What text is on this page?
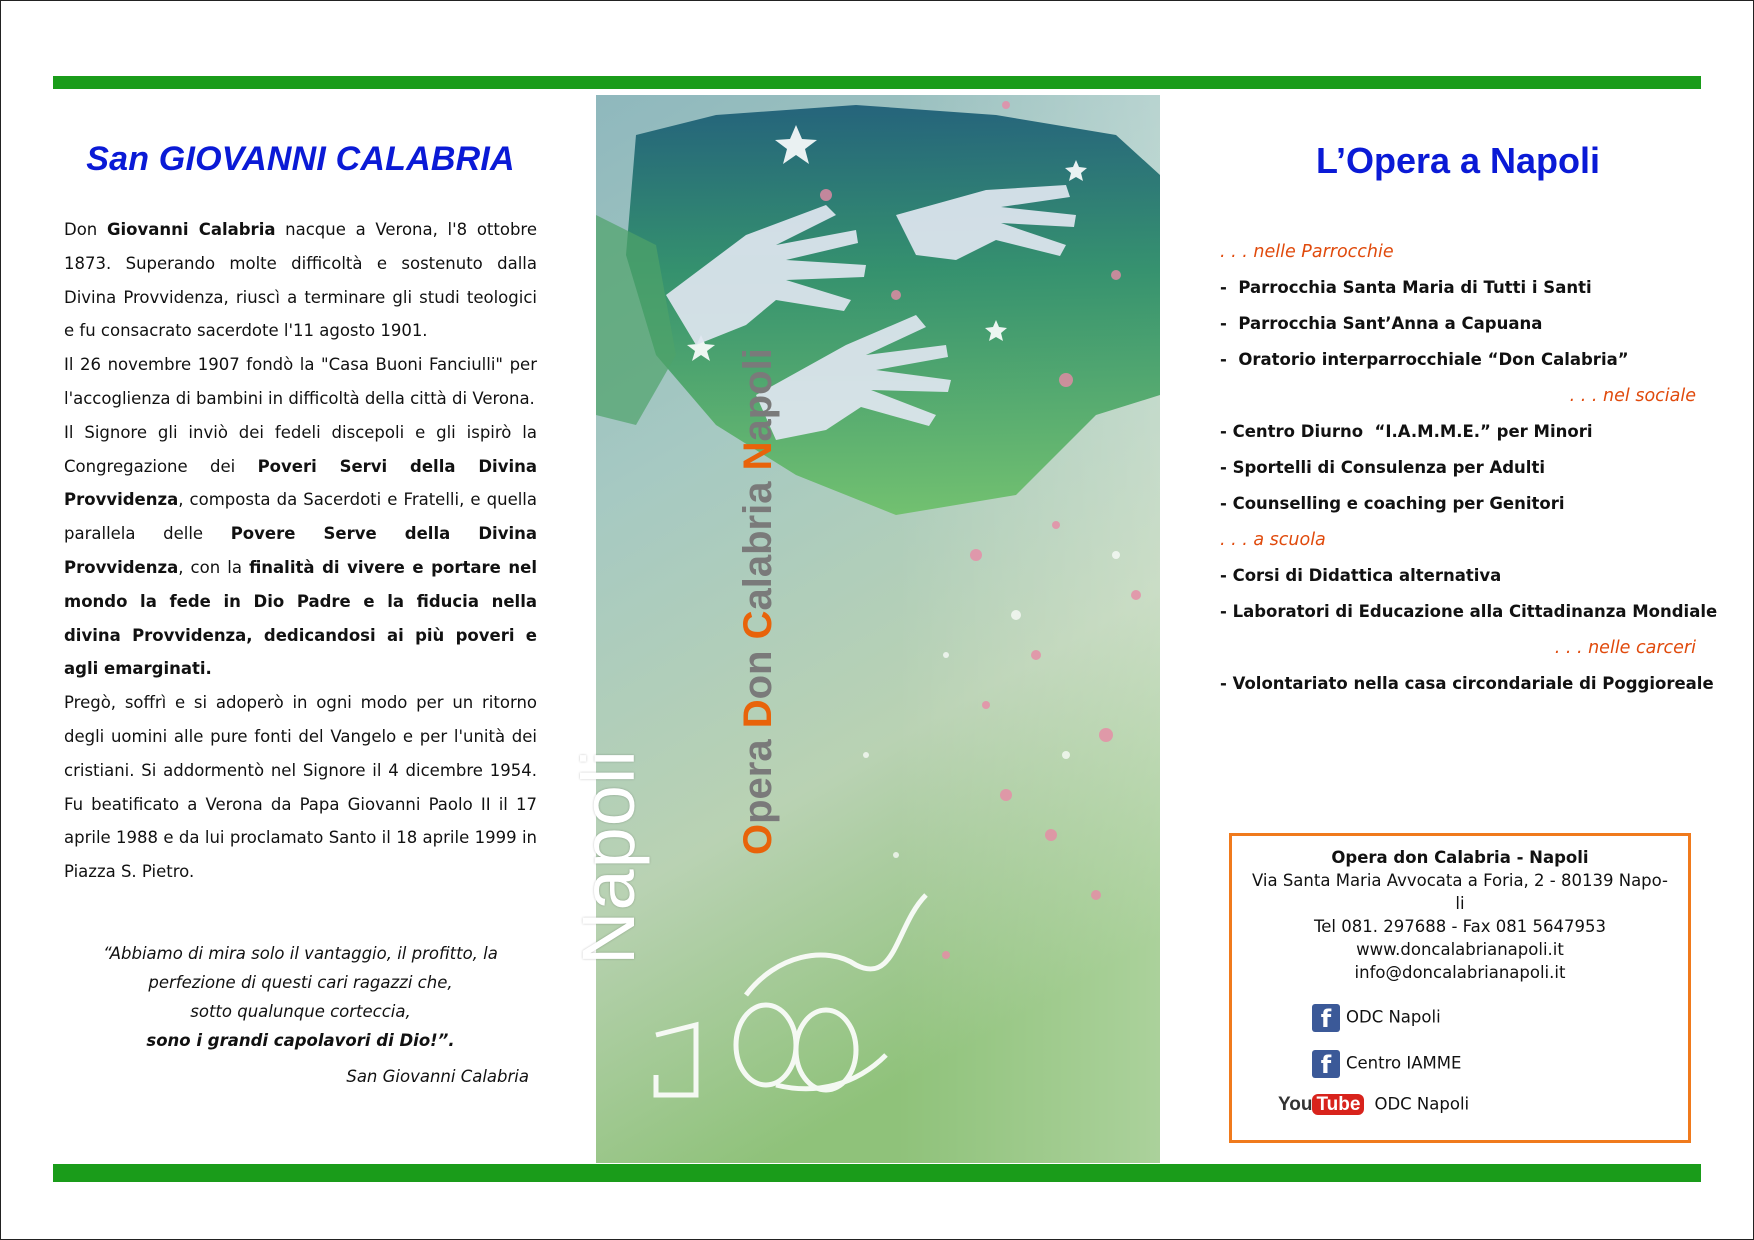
San GIOVANNI CALABRIA

Don Giovanni Calabria nacque a Verona, l'8 ottobre 1873. Superando molte difficoltà e sostenuto dalla Divina Provvidenza, riuscì a terminare gli studi teologici e fu consacrato sacerdote l'11 agosto 1901.

Il 26 novembre 1907 fondò la "Casa Buoni Fanciulli" per l'accoglienza di bambini in difficoltà della città di Verona.

Il Signore gli inviò dei fedeli discepoli e gli ispirò la Congregazione dei Poveri Servi della Divina Provvidenza, composta da Sacerdoti e Fratelli, e quella parallela delle Povere Serve della Divina Provvidenza, con la finalità di vivere e portare nel mondo la fede in Dio Padre e la fiducia nella divina Provvidenza, dedicandosi ai più poveri e agli emarginati.

Pregò, soffrì e si adoperò in ogni modo per un ritorno degli uomini alle pure fonti del Vangelo e per l'unità dei cristiani. Si addormentò nel Signore il 4 dicembre 1954. Fu beatificato a Verona da Papa Giovanni Paolo II il 17 aprile 1988 e da lui proclamato Santo il 18 aprile 1999 in Piazza S. Pietro.

“Abbiamo di mira solo il vantaggio, il profitto, la
perfezione di questi cari ragazzi che,
sotto qualunque corteccia,
sono i grandi capolavori di Dio!”.
San Giovanni Calabria
Napoli Opera Don Calabria Napoli
L’Opera a Napoli
. . . nelle Parrocchie
-  Parrocchia Santa Maria di Tutti i Santi
-  Parrocchia Sant’Anna a Capuana
-  Oratorio interparrocchiale “Don Calabria”
. . . nel sociale
- Centro Diurno  “I.A.M.M.E.” per Minori
- Sportelli di Consulenza per Adulti
- Counselling e coaching per Genitori
. . . a scuola
- Corsi di Didattica alternativa
- Laboratori di Educazione alla Cittadinanza Mondiale
. . . nelle carceri
- Volontariato nella casa circondariale di Poggioreale
Opera don Calabria - Napoli
Via Santa Maria Avvocata a Foria, 2 - 80139 Napo-
li
Tel 081. 297688 - Fax 081 5647953
www.doncalabrianapoli.it
info@doncalabrianapoli.it
f ODC Napoli
f Centro IAMME
You Tube ODC Napoli
